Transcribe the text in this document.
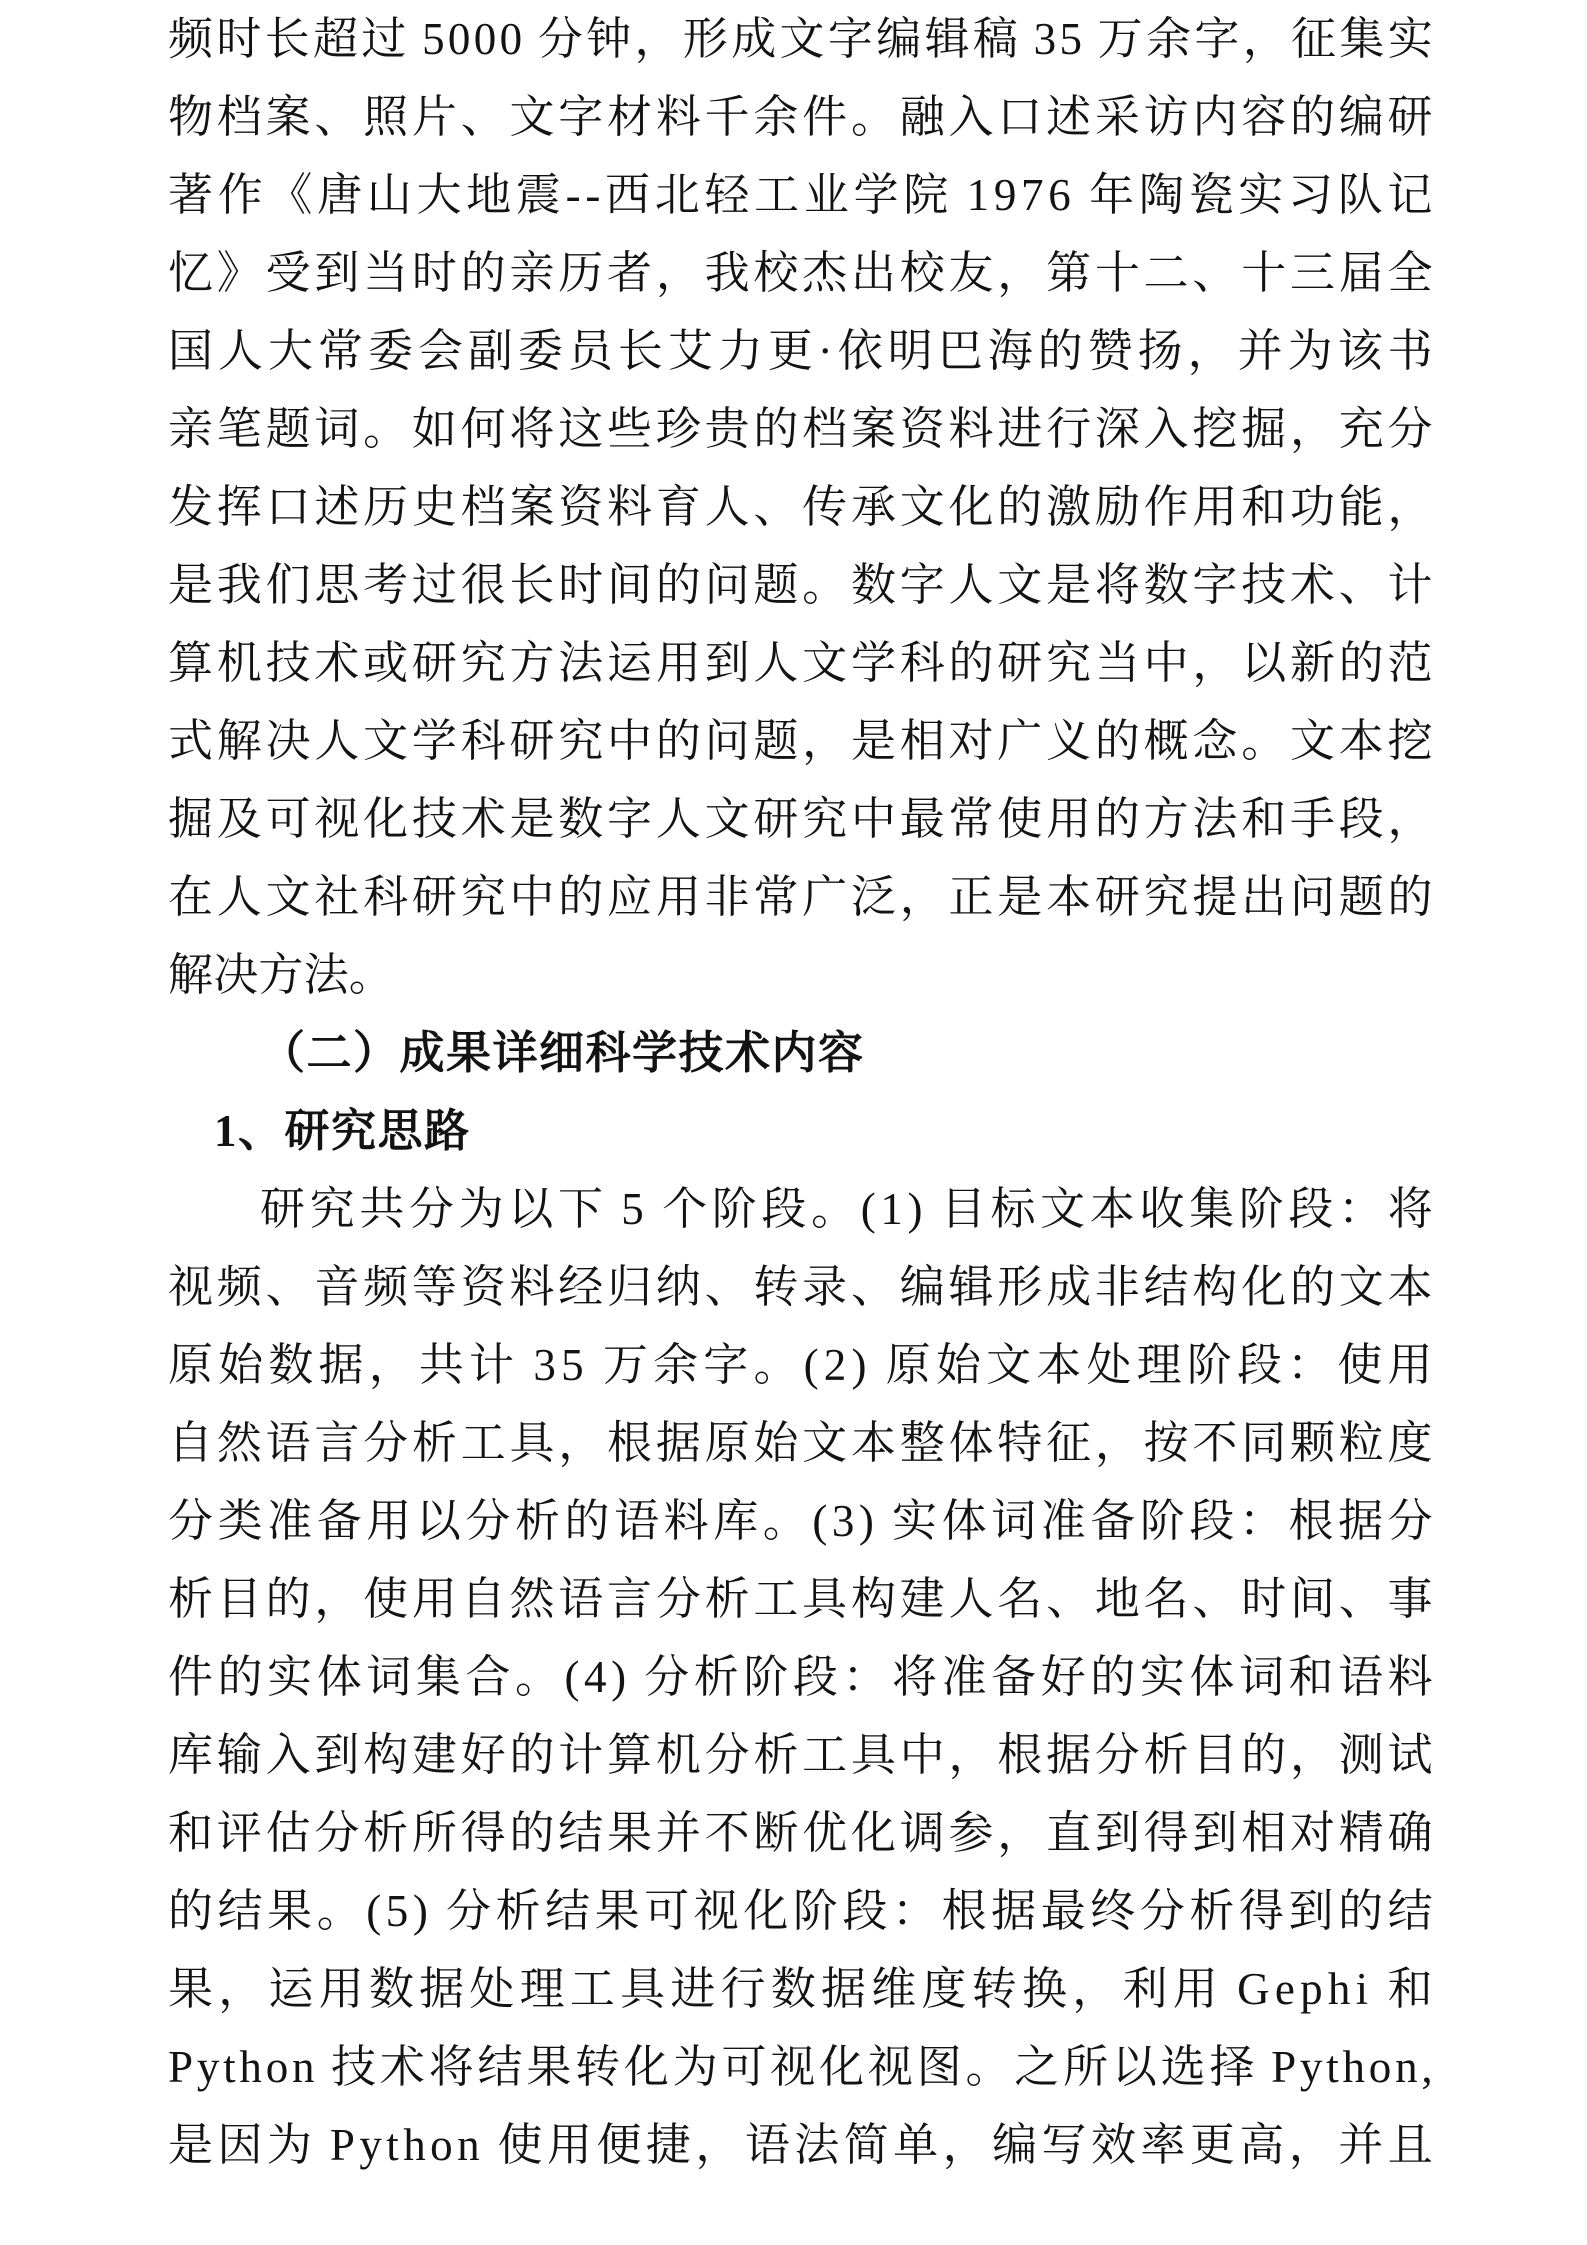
频 时 长 超 过
  5 0 0 0
  分 钟 ， 形 成 文 字 编 辑 稿
  3 5
  万 余 字 ， 征 集 实
物 档 案 、 照 片 、 文 字 材 料 千 余 件 。 融 入 口 述 采 访 内 容 的 编 研
著 作 《 唐 山 大 地 震 - - 西 北 轻 工 业 学 院
  1 9 7 6
  年 陶 瓷 实 习 队 记
忆 》 受 到 当 时 的 亲 历 者 ， 我 校 杰 出 校 友 ， 第 十 二 、 十 三 届 全
国 人 大 常 委 会 副 委 员 长 艾 力 更 · 依 明 巴 海 的 赞 扬 ， 并 为 该 书
亲 笔 题 词 。 如 何 将 这 些 珍 贵 的 档 案 资 料 进 行 深 入 挖 掘 ， 充 分
发 挥 口 述 历 史 档 案 资 料 育 人 、 传 承 文 化 的 激 励 作 用 和 功 能 ，
是 我 们 思 考 过 很 长 时 间 的 问 题 。 数 字 人 文 是 将 数 字 技 术 、 计
算 机 技 术 或 研 究 方 法 运 用 到 人 文 学 科 的 研 究 当 中 ， 以 新 的 范
式 解 决 人 文 学 科 研 究 中 的 问 题 ， 是 相 对 广 义 的 概 念 。 文 本 挖
掘 及 可 视 化 技 术 是 数 字 人 文 研 究 中 最 常 使 用 的 方 法 和 手 段 ，
在 人 文 社 科 研 究 中 的 应 用 非 常 广 泛 ， 正 是 本 研 究 提 出 问 题 的
解决方法。
（二）成果详细科学技术内容
1、研究思路
研 究 共 分 为 以 下
  5
  个 阶 段 。 ( 1 )
  目 标 文 本 收 集 阶 段 ： 将
视 频 、 音 频 等 资 料 经 归 纳 、 转 录 、 编 辑 形 成 非 结 构 化 的 文 本
原 始 数 据 ， 共 计
  3 5
  万 余 字 。 ( 2 )
  原 始 文 本 处 理 阶 段 ： 使 用
自 然 语 言 分 析 工 具 ， 根 据 原 始 文 本 整 体 特 征 ， 按 不 同 颗 粒 度
分 类 准 备 用 以 分 析 的 语 料 库 。 ( 3 )
  实 体 词 准 备 阶 段 ： 根 据 分
析 目 的 ， 使 用 自 然 语 言 分 析 工 具 构 建 人 名 、 地 名 、 时 间 、 事
件 的 实 体 词 集 合 。 ( 4 )
  分 析 阶 段 ： 将 准 备 好 的 实 体 词 和 语 料
库 输 入 到 构 建 好 的 计 算 机 分 析 工 具 中 ， 根 据 分 析 目 的 ， 测 试
和 评 估 分 析 所 得 的 结 果 并 不 断 优 化 调 参 ， 直 到 得 到 相 对 精 确
的 结 果 。 ( 5 )
  分 析 结 果 可 视 化 阶 段 ： 根 据 最 终 分 析 得 到 的 结
果 ， 运 用 数 据 处 理 工 具 进 行 数 据 维 度 转 换 ， 利 用
  G e p h i
  和
P y t h o n
  技 术 将 结 果 转 化 为 可 视 化 视 图 。 之 所 以 选 择
  P y t h o n ,
是 因 为
  P y t h o n
  使 用 便 捷 ， 语 法 简 单 ， 编 写 效 率 更 高 ， 并 且
